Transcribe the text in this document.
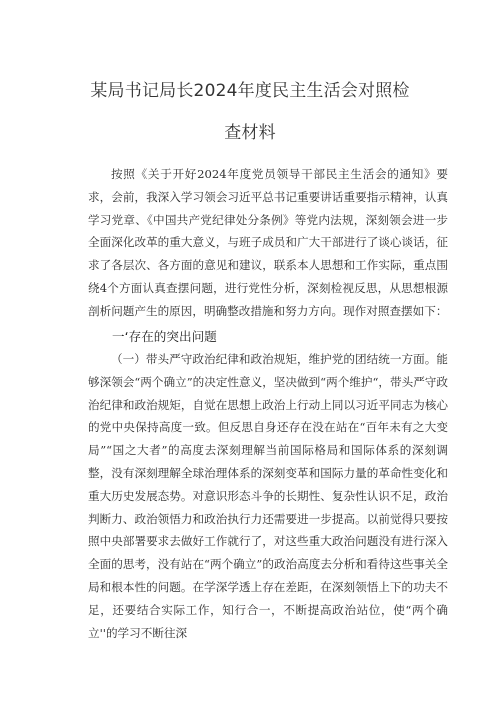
某局书记局长2024年度民主生活会对照检
查材料
按照《关于开好2024年度党员领导干部民主生活会的通知》要求，会前，我深入学习领会习近平总书记重要讲话重要指示精神，认真学习党章、《中国共产党纪律处分条例》等党内法规，深刻领会进一步全面深化改革的重大意义，与班子成员和广大干部进行了谈心谈话，征求了各层次、各方面的意见和建议，联系本人思想和工作实际，重点围绕4个方面认真查摆问题，进行党性分析，深刻检视反思，从思想根源剖析问题产生的原因，明确整改措施和努力方向。现作对照查摆如下：
一‘存在的突出问题
（一）带头严守政治纪律和政治规矩，维护党的团结统一方面。能够深领会“两个确立”的决定性意义，坚决做到“两个维护“，带头严守政治纪律和政治规矩，自觉在思想上政治上行动上同以习近平同志为核心的党中央保持高度一致。但反思自身还存在没在站在“百年未有之大变局”“国之大者”的高度去深刻理解当前国际格局和国际体系的深刻调整，没有深刻理解全球治理体系的深刻变革和国际力量的革命性变化和重大历史发展态势。对意识形态斗争的长期性、复杂性认识不足，政治判断力、政治领悟力和政治执行力还需要进一步提高。以前觉得只要按照中央部署要求去做好工作就行了，对这些重大政治问题没有进行深入全面的思考，没有站在“两个确立”的政治高度去分析和看待这些事关全局和根本性的问题。在学深学透上存在差距，在深刻领悟上下的功夫不足，还要结合实际工作，知行合一，不断提高政治站位，使“两个确立''的学习不断往深
